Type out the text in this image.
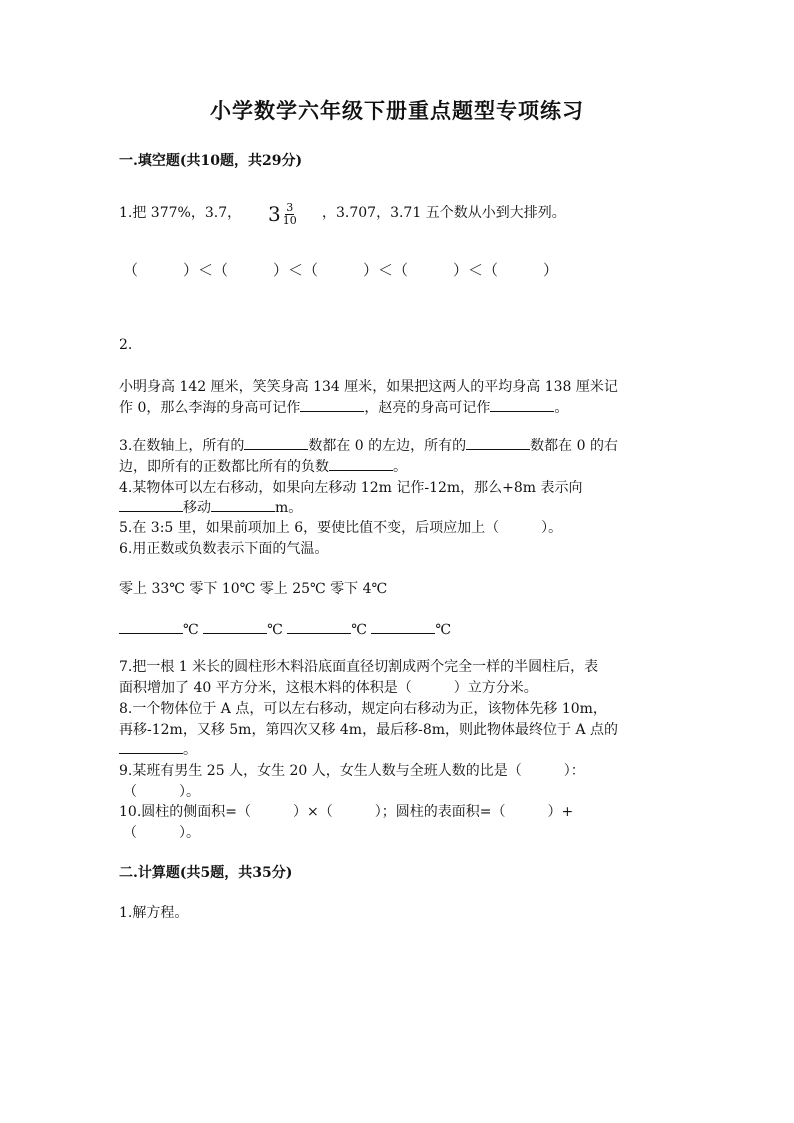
小学数学六年级下册重点题型专项练习
一.填空题(共10题，共29分)
1.把 377%，3.7， $3 \frac{3}{10}$ ，3.707，3.71 五个数从小到大排列。
（　　　）＜（　　　）＜（　　　）＜（　　　）＜（　　　）
2.
小明身高 142 厘米，笑笑身高 134 厘米，如果把这两人的平均身高 138 厘米记
作 0，那么李海的身高可记作	，赵亮的身高可记作	。
3.在数轴上，所有的	数都在 0 的左边，所有的	数都在 0 的右
边，即所有的正数都比所有的负数	。
4.某物体可以左右移动，如果向左移动 12m 记作-12m，那么+8m 表示向
移动	m。
5.在 3:5 里，如果前项加上 6，要使比值不变，后项应加上（　　　）。
6.用正数或负数表示下面的气温。
零上 33℃ 零下 10℃ 零上 25℃ 零下 4℃
℃	℃	℃	℃
7.把一根 1 米长的圆柱形木料沿底面直径切割成两个完全一样的半圆柱后，表
面积增加了 40 平方分米，这根木料的体积是（　　　）立方分米。
8.一个物体位于 A 点，可以左右移动，规定向右移动为正，该物体先移 10m，
再移-12m，又移 5m，第四次又移 4m，最后移-8m，则此物体最终位于 A 点的
。
9.某班有男生 25 人，女生 20 人，女生人数与全班人数的比是（　　　）：
（　　　）。
10.圆柱的侧面积=（　　　）×（　　　）；圆柱的表面积=（　　　）+
（　　　）。
二.计算题(共5题，共35分)
1.解方程。
